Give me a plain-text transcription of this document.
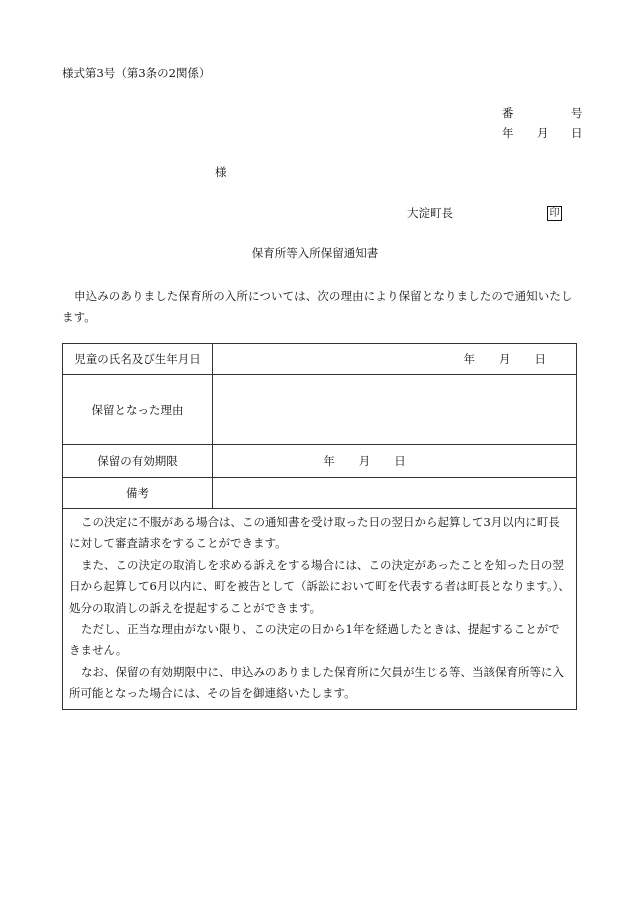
様式第3号（第3条の2関係）
番	号
年 月 日
様
大淀町長	印
保育所等入所保留通知書
申込みのありました保育所の入所については、次の理由により保留となりましたので通知いたします。
児童の氏名及び生年月日	年 月 日
保留となった理由	
保留の有効期限	年 月 日
備考	

この決定に不服がある場合は、この通知書を受け取った日の翌日から起算して3月以内に町長に対して審査請求をすることができます。

また、この決定の取消しを求める訴えをする場合には、この決定があったことを知った日の翌日から起算して6月以内に、町を被告として（訴訟において町を代表する者は町長となります。）、処分の取消しの訴えを提起することができます。

ただし、正当な理由がない限り、この決定の日から1年を経過したときは、提起することができません。

なお、保留の有効期限中に、申込みのありました保育所に欠員が生じる等、当該保育所等に入所可能となった場合には、その旨を御連絡いたします。	
